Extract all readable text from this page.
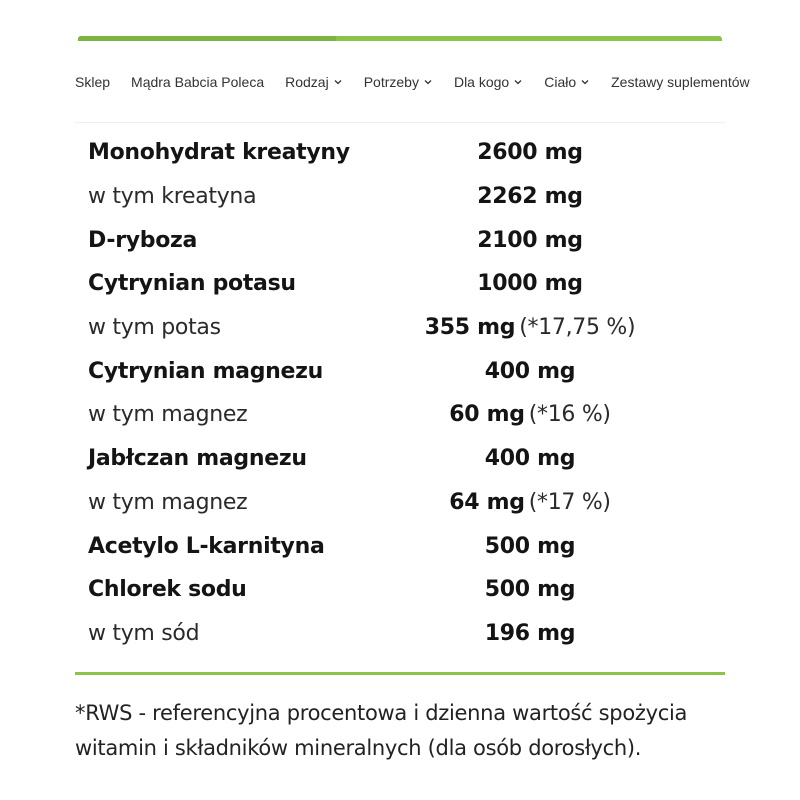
Sklep Mądra Babcia Poleca Rodzaj	Potrzeby	Dla kogo	Ciało	Zestawy suplementów
Monohydrat kreatyny	2600 mg
w tym kreatyna	2262 mg
D-ryboza	2100 mg
Cytrynian potasu	1000 mg
w tym potas	355 mg (*17,75 %)
Cytrynian magnezu	400 mg
w tym magnez	60 mg (*16 %)
Jabłczan magnezu	400 mg
w tym magnez	64 mg (*17 %)
Acetylo L-karnityna	500 mg
Chlorek sodu	500 mg
w tym sód	196 mg
*RWS - referencyjna procentowa i dzienna wartość spożycia
witamin i składników mineralnych (dla osób dorosłych).
